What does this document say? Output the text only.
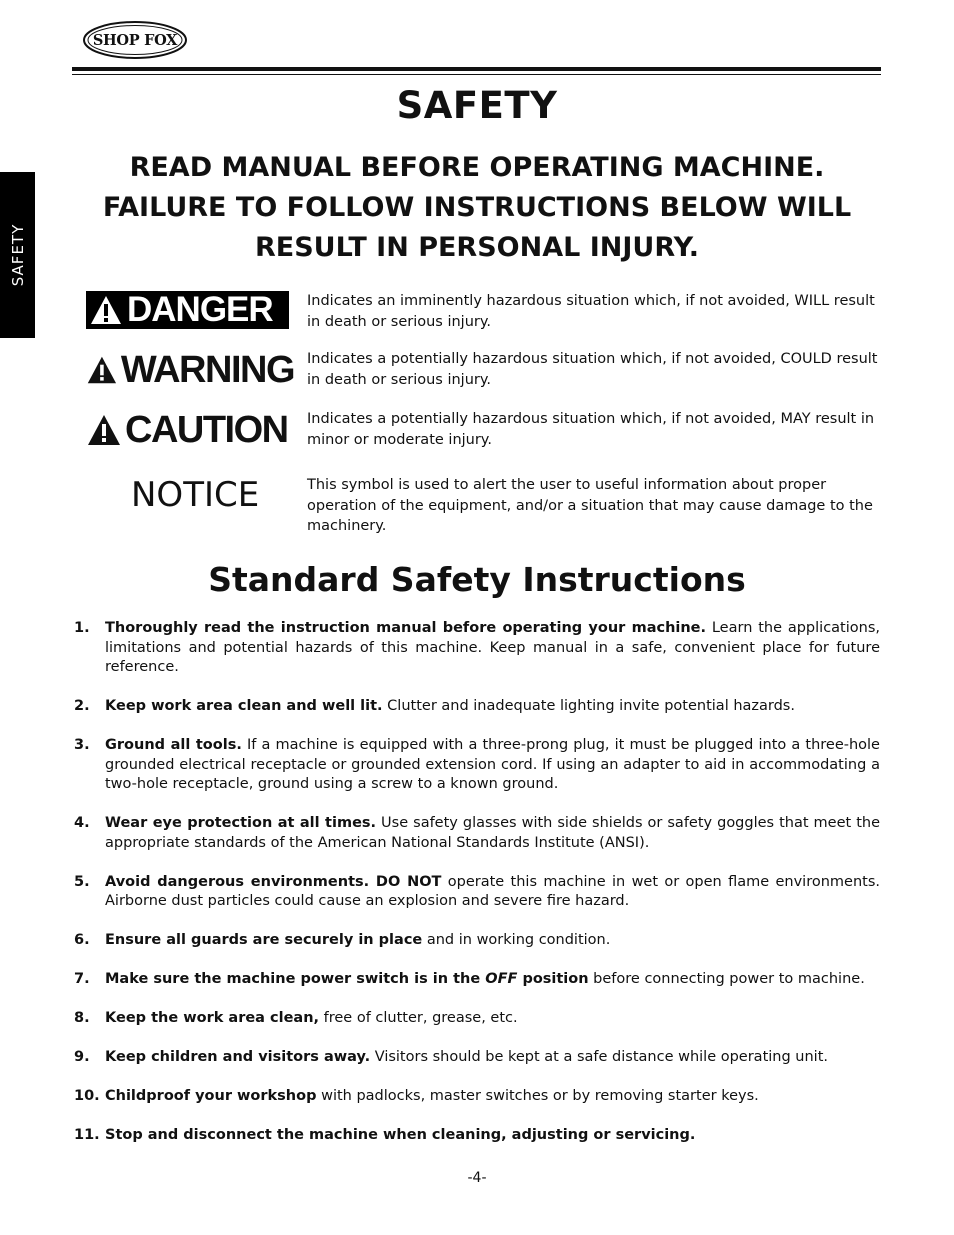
SHOP FOX
SAFETY
SAFETY
READ MANUAL BEFORE OPERATING MACHINE.
FAILURE TO FOLLOW INSTRUCTIONS BELOW WILL
RESULT IN PERSONAL INJURY.
DANGER Indicates an imminently hazardous situation which, if not avoided, WILL result in death or serious injury.
WARNING Indicates a potentially hazardous situation which, if not avoided, COULD result in death or serious injury.
CAUTION Indicates a potentially hazardous situation which, if not avoided, MAY result in minor or moderate injury.
NOTICE	This symbol is used to alert the user to useful information about proper operation of the equipment, and/or a situation that may cause damage to the machinery.
Standard Safety Instructions
1. Thoroughly read the instruction manual before operating your machine. Learn the applications, limitations and potential hazards of this machine. Keep manual in a safe, convenient place for future reference.
2. Keep work area clean and well lit. Clutter and inadequate lighting invite potential hazards.
3. Ground all tools. If a machine is equipped with a three-prong plug, it must be plugged into a three-hole grounded electrical receptacle or grounded extension cord. If using an adapter to aid in accommodating a two-hole receptacle, ground using a screw to a known ground.
4. Wear eye protection at all times. Use safety glasses with side shields or safety goggles that meet the appropriate standards of the American National Standards Institute (ANSI).
5. Avoid dangerous environments. DO NOT operate this machine in wet or open flame environments. Airborne dust particles could cause an explosion and severe fire hazard.
6. Ensure all guards are securely in place and in working condition.
7. Make sure the machine power switch is in the OFF position before connecting power to machine.
8. Keep the work area clean, free of clutter, grease, etc.
9. Keep children and visitors away. Visitors should be kept at a safe distance while operating unit.
10. Childproof your workshop with padlocks, master switches or by removing starter keys.
11. Stop and disconnect the machine when cleaning, adjusting or servicing.
-4-
